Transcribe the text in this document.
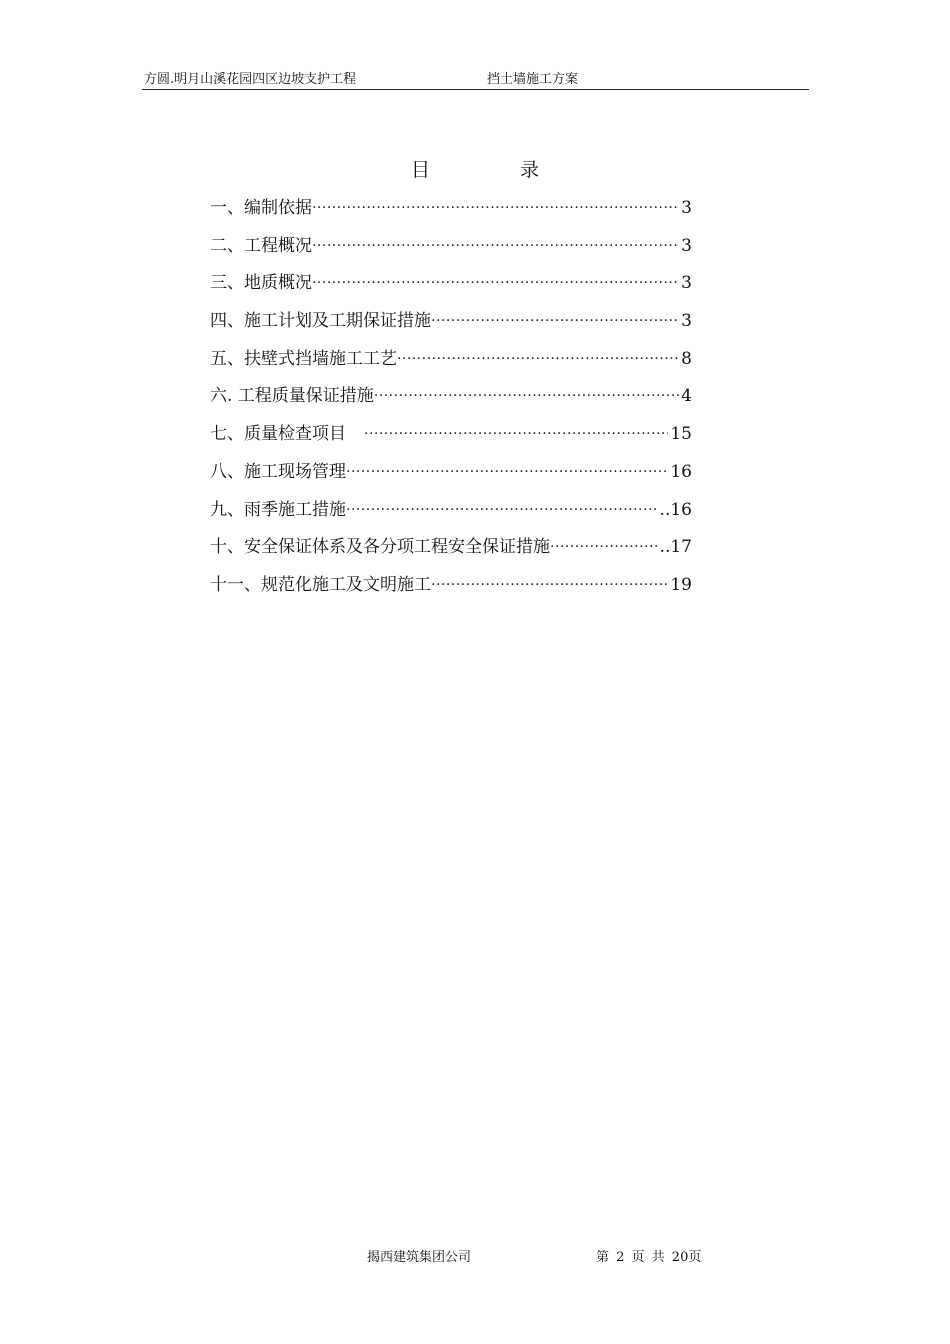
方圆.明月山溪花园四区边坡支护工程	挡土墙施工方案
目	录
一、编制依据 ·····	3
二、工程概况 ·····	3
三、地质概况 ·····	3
四、施工计划及工期保证措施 ·····	3
五、扶壁式挡墙施工工艺 ·····	8
六. 工程质量保证措施 ·····	4
七、质量检查项目 ·····	15
八、施工现场管理 ·····	16
九、雨季施工措施 ·····	..16
十、安全保证体系及各分项工程安全保证措施 ·····	..17
十一、规范化施工及文明施工 ·····	19
揭西建筑集团公司	第 2 页 共 20页
